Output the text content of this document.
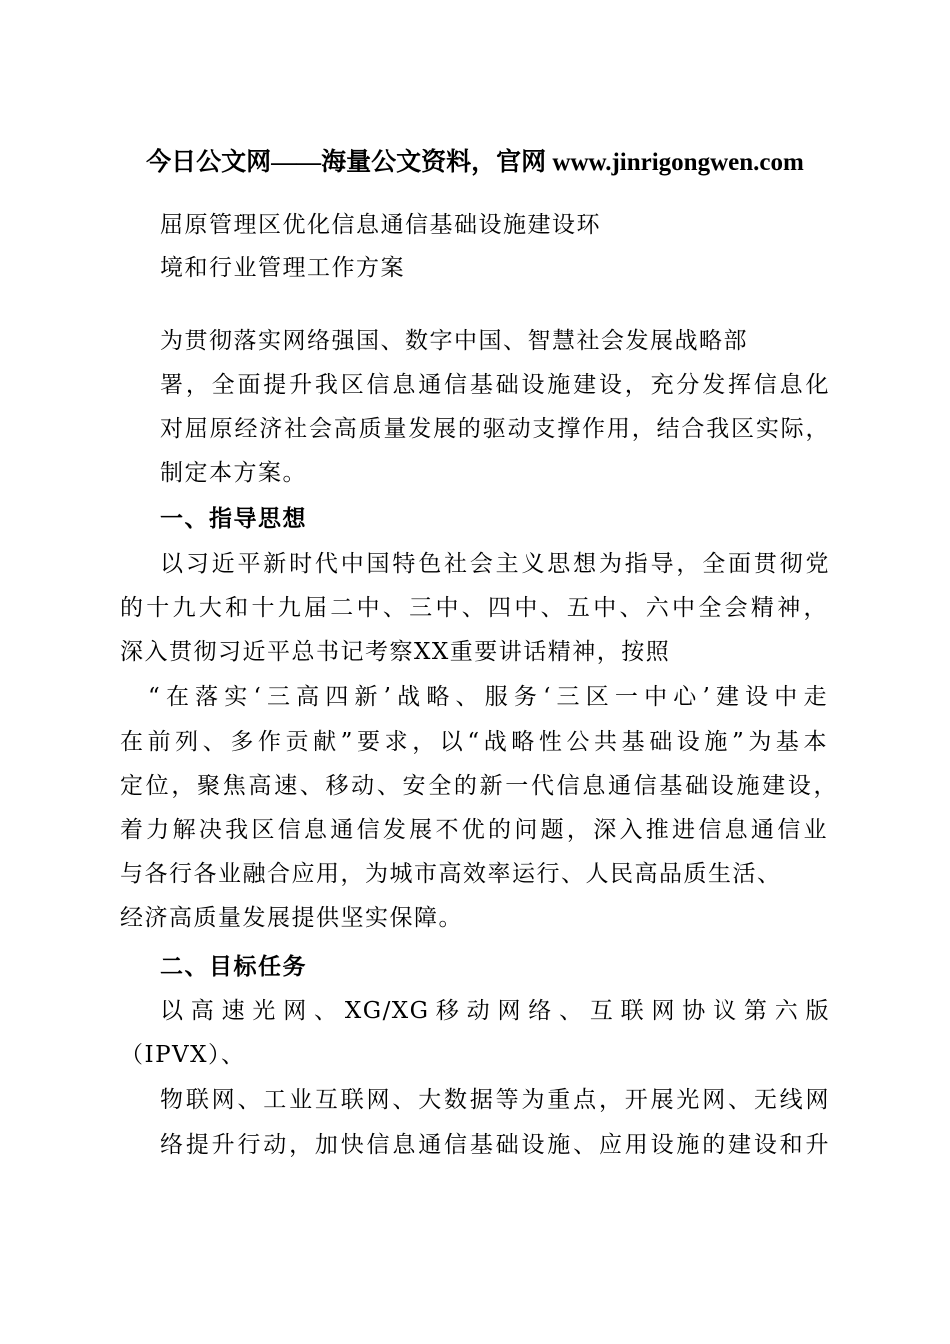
今日公文网——海量公文资料，官网 www.jinrigongwen.com
屈原管理区优化信息通信基础设施建设环
境和行业管理工作方案
为贯彻落实网络强国、数字中国、智慧社会发展战略部
署，全面提升我区信息通信基础设施建设，充分发挥信息化
对屈原经济社会高质量发展的驱动支撑作用，结合我区实际，
制定本方案。
一、指导思想
以习近平新时代中国特色社会主义思想为指导，全面贯彻党
的十九大和十九届二中、三中、四中、五中、六中全会精神，
深入贯彻习近平总书记考察XX重要讲话精神，按照
“在落实‘三高四新’战略、服务‘三区一中心’建设中走
在前列、多作贡献”要求，以“战略性公共基础设施”为基本
定位，聚焦高速、移动、安全的新一代信息通信基础设施建设，
着力解决我区信息通信发展不优的问题，深入推进信息通信业
与各行各业融合应用，为城市高效率运行、人民高品质生活、
经济高质量发展提供坚实保障。
二、目标任务
以高速光网、XG/XG移动网络、互联网协议第六版
（IPVX）、
物联网、工业互联网、大数据等为重点，开展光网、无线网
络提升行动，加快信息通信基础设施、应用设施的建设和升
